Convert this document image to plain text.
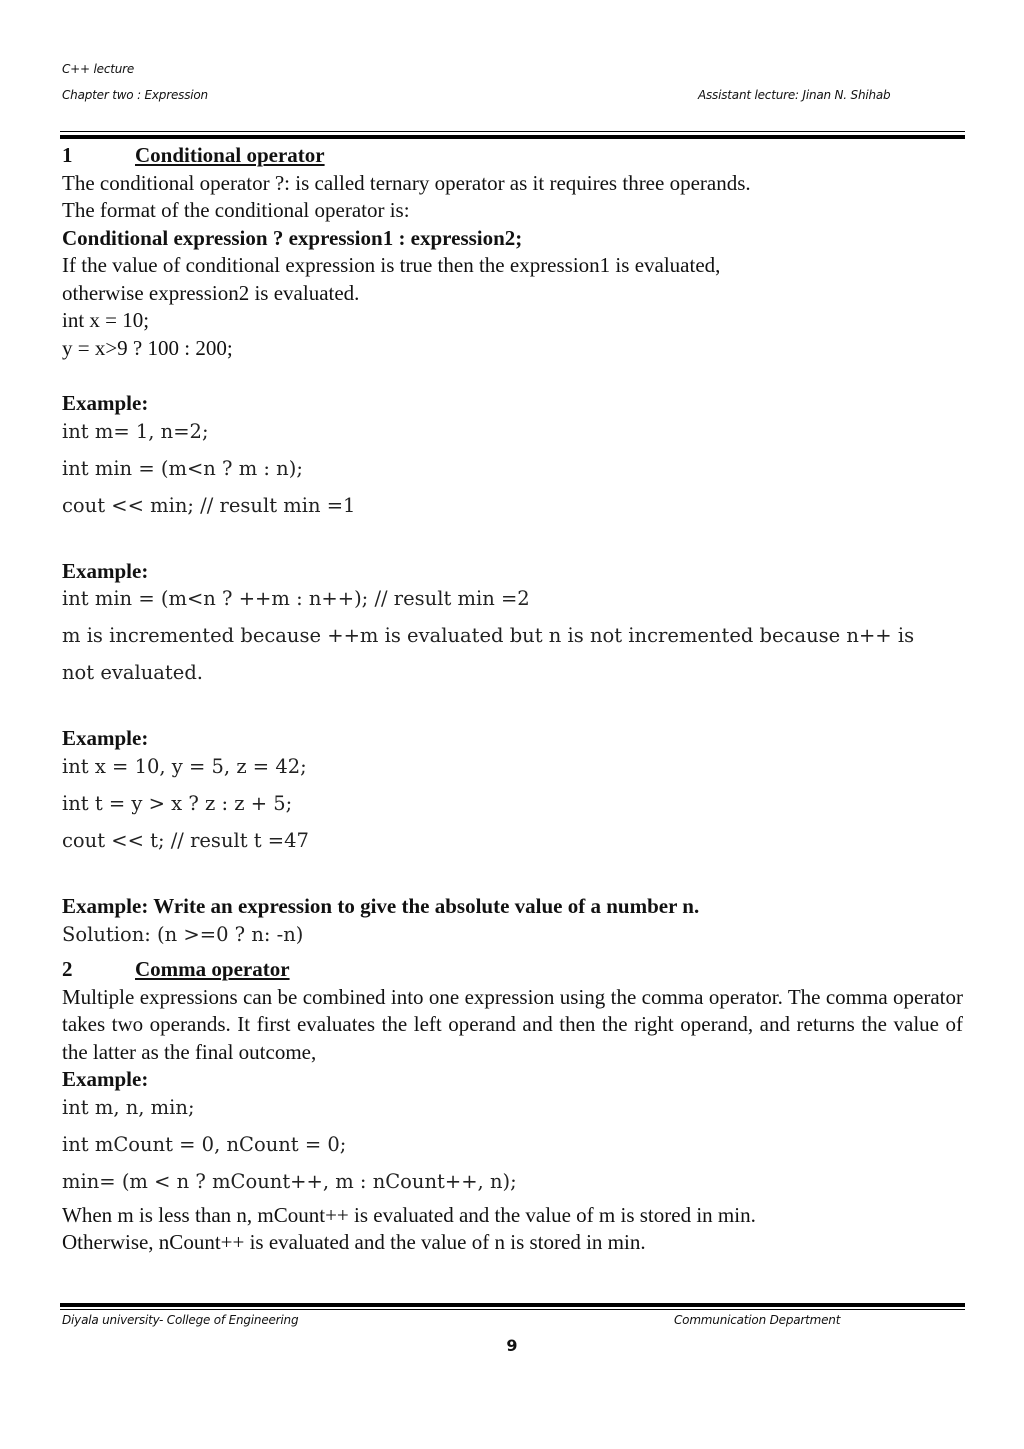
C++ lecture
Chapter two : Expression	Assistant lecture: Jinan N. Shihab
1	Conditional operator
The conditional operator ?: is called ternary operator as it requires three operands.
The format of the conditional operator is:
Conditional expression ? expression1 : expression2;
If the value of conditional expression is true then the expression1 is evaluated,
otherwise expression2 is evaluated.
int x = 10;
y = x>9 ? 100 : 200;
Example:
int m= 1, n=2;
int min = (m<n ? m : n);
cout << min; // result min =1
Example:
int min = (m<n ? ++m : n++); // result min =2
m is incremented because ++m is evaluated but n is not incremented because n++ is
not evaluated.
Example:
int x = 10, y = 5, z = 42;
int t = y > x ? z : z + 5;
cout << t; // result t =47
Example: Write an expression to give the absolute value of a number n.
Solution: (n >=0 ? n: -n)
2	Comma operator
Multiple expressions can be combined into one expression using the comma operator. The comma operator takes two operands. It first evaluates the left operand and then the right operand, and returns the value of the latter as the final outcome,
Example:
int m, n, min;
int mCount = 0, nCount = 0;
min= (m < n ? mCount++, m : nCount++, n);
When m is less than n, mCount++ is evaluated and the value of m is stored in min.
Otherwise, nCount++ is evaluated and the value of n is stored in min.
Diyala university- College of Engineering	Communication Department
9
